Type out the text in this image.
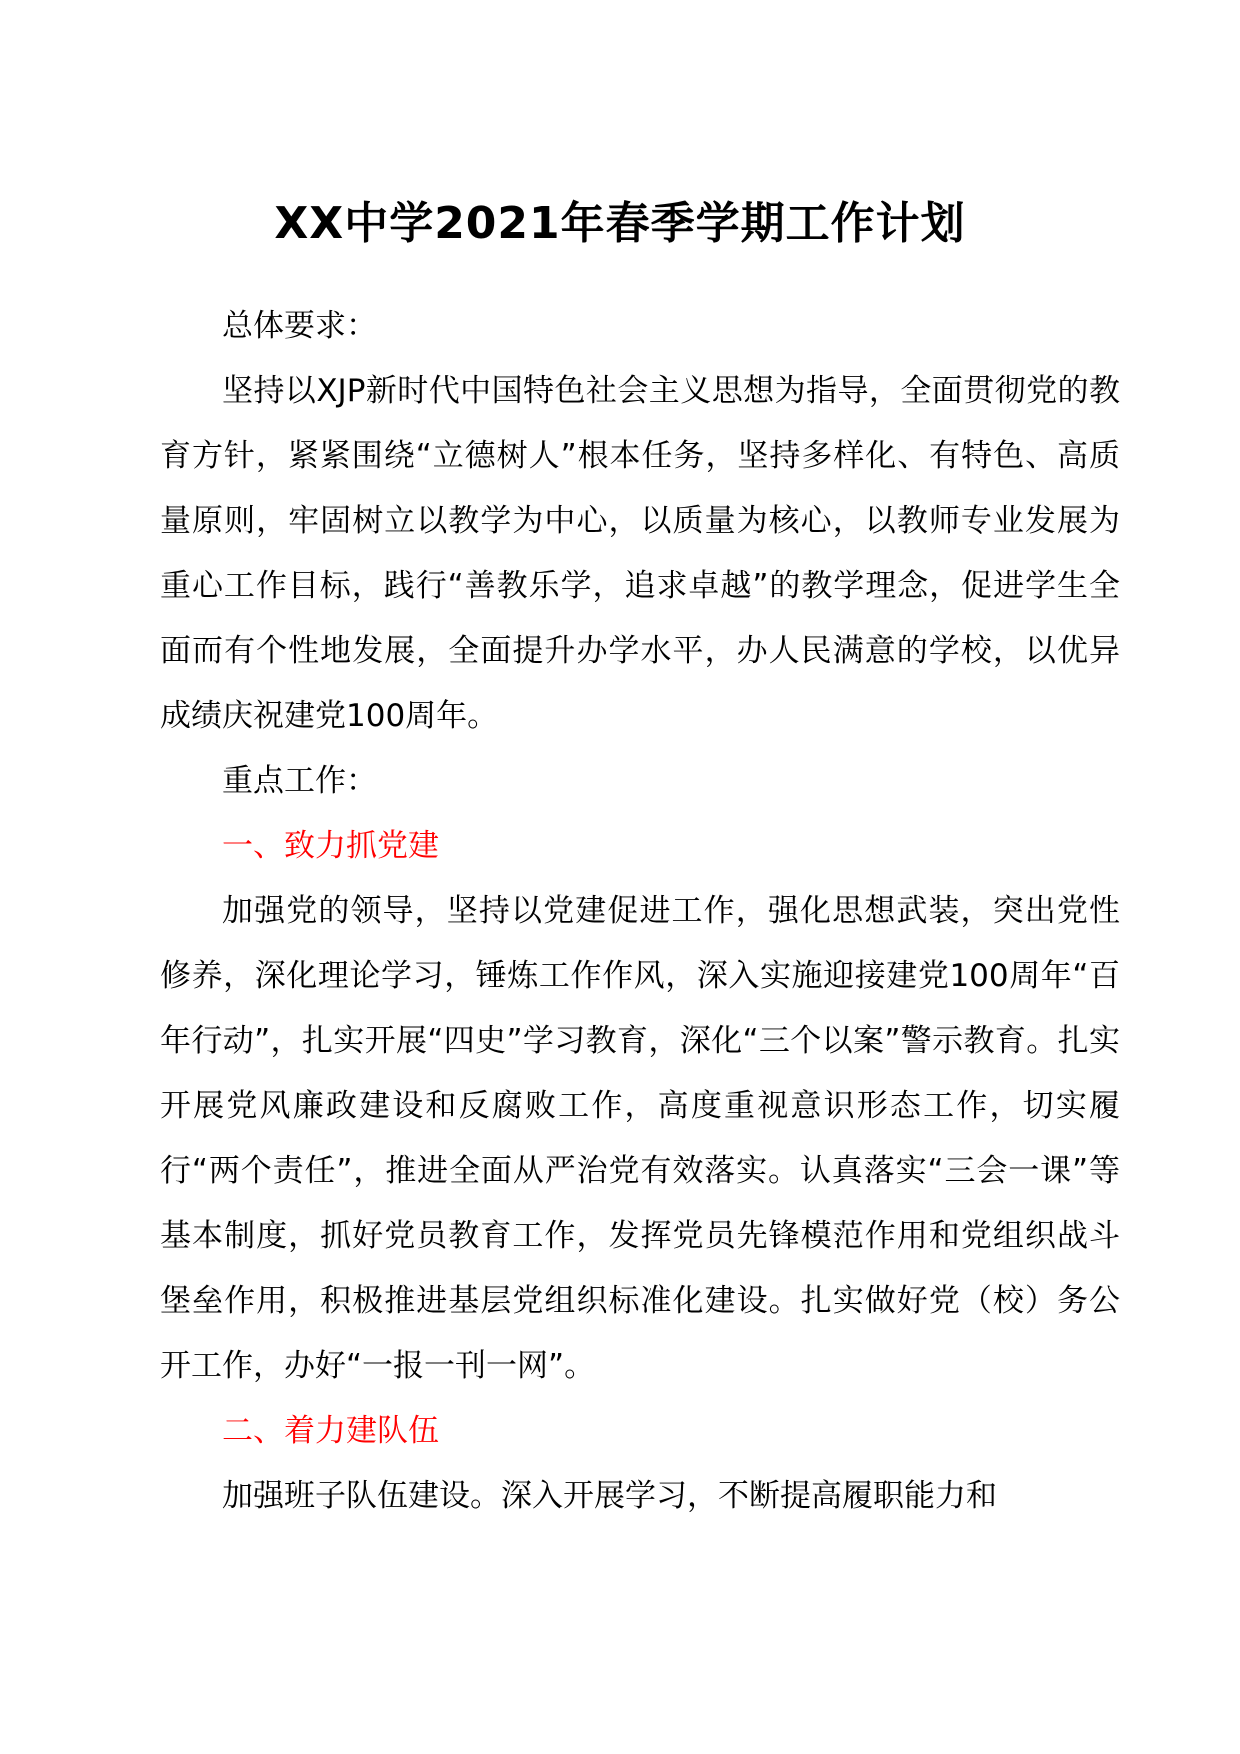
XX中学2021年春季学期工作计划

总体要求：

坚持以XJP新时代中国特色社会主义思想为指导，全面贯彻党的教育方针，紧紧围绕“立德树人”根本任务，坚持多样化、有特色、高质量原则，牢固树立以教学为中心，以质量为核心，以教师专业发展为重心工作目标，践行“善教乐学，追求卓越”的教学理念，促进学生全面而有个性地发展，全面提升办学水平，办人民满意的学校，以优异成绩庆祝建党100周年。

重点工作：

一、致力抓党建

加强党的领导，坚持以党建促进工作，强化思想武装，突出党性修养，深化理论学习，锤炼工作作风，深入实施迎接建党100周年“百年行动”，扎实开展“四史”学习教育，深化“三个以案”警示教育。扎实开展党风廉政建设和反腐败工作，高度重视意识形态工作，切实履行“两个责任”，推进全面从严治党有效落实。认真落实“三会一课”等基本制度，抓好党员教育工作，发挥党员先锋模范作用和党组织战斗堡垒作用，积极推进基层党组织标准化建设。扎实做好党（校）务公开工作，办好“一报一刊一网”。

二、着力建队伍

加强班子队伍建设。深入开展学习，不断提高履职能力和
